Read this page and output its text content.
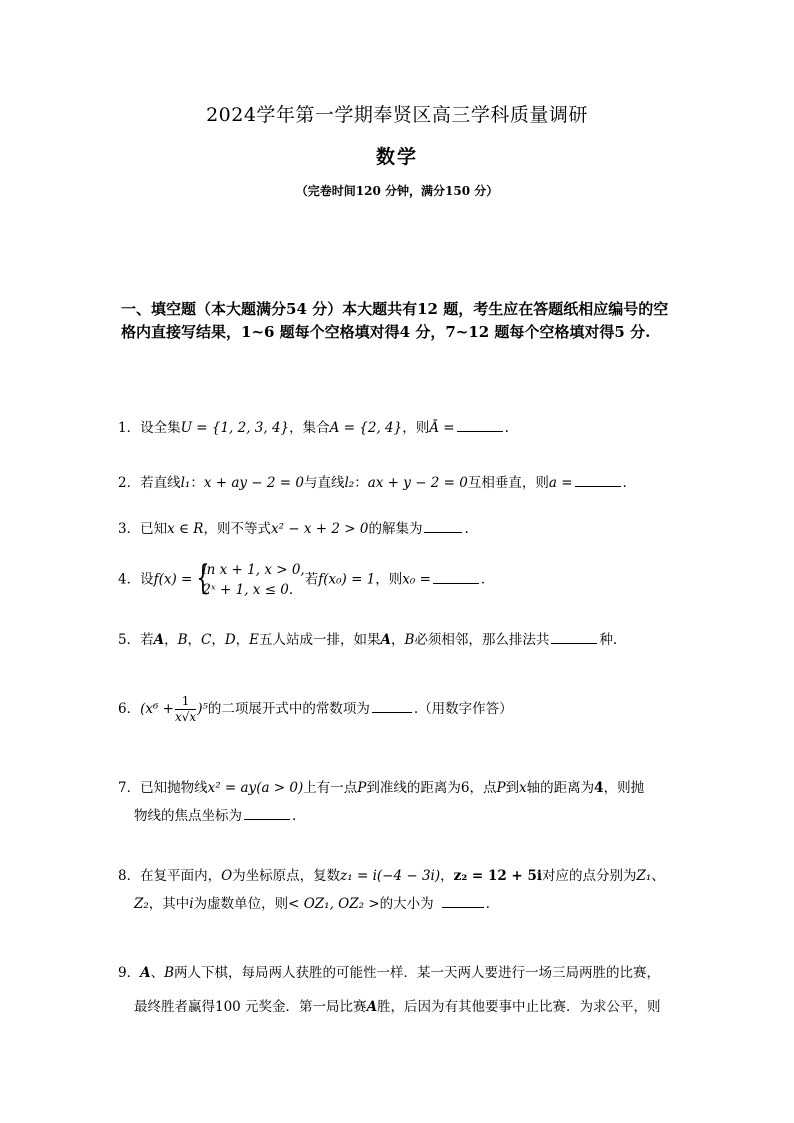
2024学年第一学期奉贤区高三学科质量调研
数学
（完卷时间120 分钟，满分150 分）
一、填空题（本大题满分54 分）本大题共有12 题，考生应在答题纸相应编号的空格内直接写结果，1~6 题每个空格填对得4 分，7~12 题每个空格填对得5 分.
1．设全集U = {1, 2, 3, 4}，集合A = {2, 4}，则Ā =	.
2．若直线l₁：x + ay − 2 = 0与直线l₂：ax + y − 2 = 0互相垂直，则a =	.
3．已知x ∈ R，则不等式x² − x + 2 > 0的解集为	.
4．设f(x) = {
ln x + 1, x > 0,
2ˣ + 1, x ≤ 0.
若f(x₀) = 1，则x₀ =	.
5．若A，B，C，D，E五人站成一排，如果A，B必须相邻，那么排法共	种.
6．$(x^6 + \frac{1}{x√x} )^5$的二项展开式中的常数项为	.（用数字作答）
7．已知抛物线x² = ay(a > 0)上有一点P到准线的距离为6，点P到x轴的距离为4，则抛
物线的焦点坐标为	.
8．在复平面内，O为坐标原点，复数z₁ = i(−4 − 3i)，z₂ = 12 + 5i对应的点分别为Z₁、
Z₂，其中i为虚数单位，则< OZ₁, OZ₂ >的大小为	.
9．A、B两人下棋，每局两人获胜的可能性一样．某一天两人要进行一场三局两胜的比赛，
最终胜者赢得100 元奖金．第一局比赛A胜，后因为有其他要事中止比赛．为求公平，则
